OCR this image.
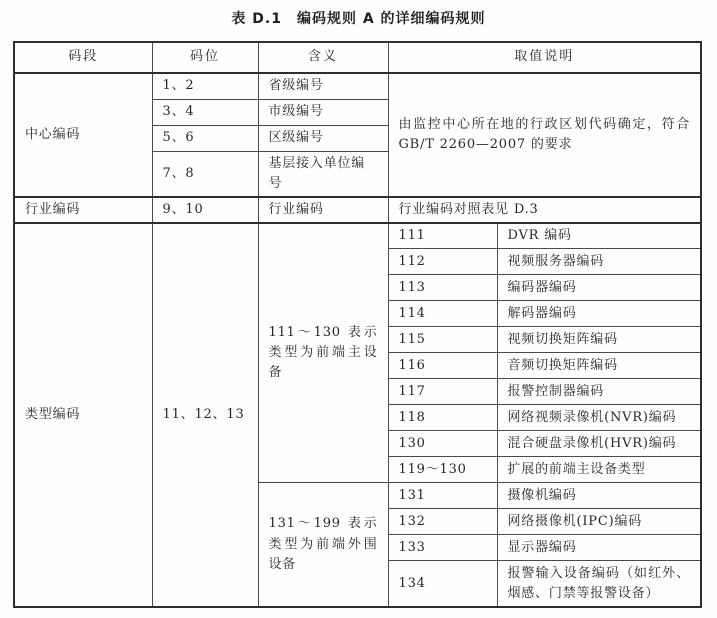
表 D.1　编码规则 A 的详细编码规则
码段	码位	含义	取值说明	
中心编码	1、2	省级编号	由监控中心所在地的行政区划代码确定，符合 GB/T 2260—2007 的要求	
	3、4	市级编号		
	5、6	区级编号		
	7、8	基层接入单位编号		
行业编码	9、10	行业编码	行业编码对照表见 D.3	
类型编码	11、12、13	111～130 表示类型为前端主设备	111	DVR 编码
			112	视频服务器编码
			113	编码器编码
			114	解码器编码
			115	视频切换矩阵编码
			116	音频切换矩阵编码
			117	报警控制器编码
			118	网络视频录像机(NVR)编码
			130	混合硬盘录像机(HVR)编码
			119～130	扩展的前端主设备类型
		131～199 表示类型为前端外围设备	131	摄像机编码
			132	网络摄像机(IPC)编码
			133	显示器编码
			134	报警输入设备编码（如红外、烟感、门禁等报警设备）
